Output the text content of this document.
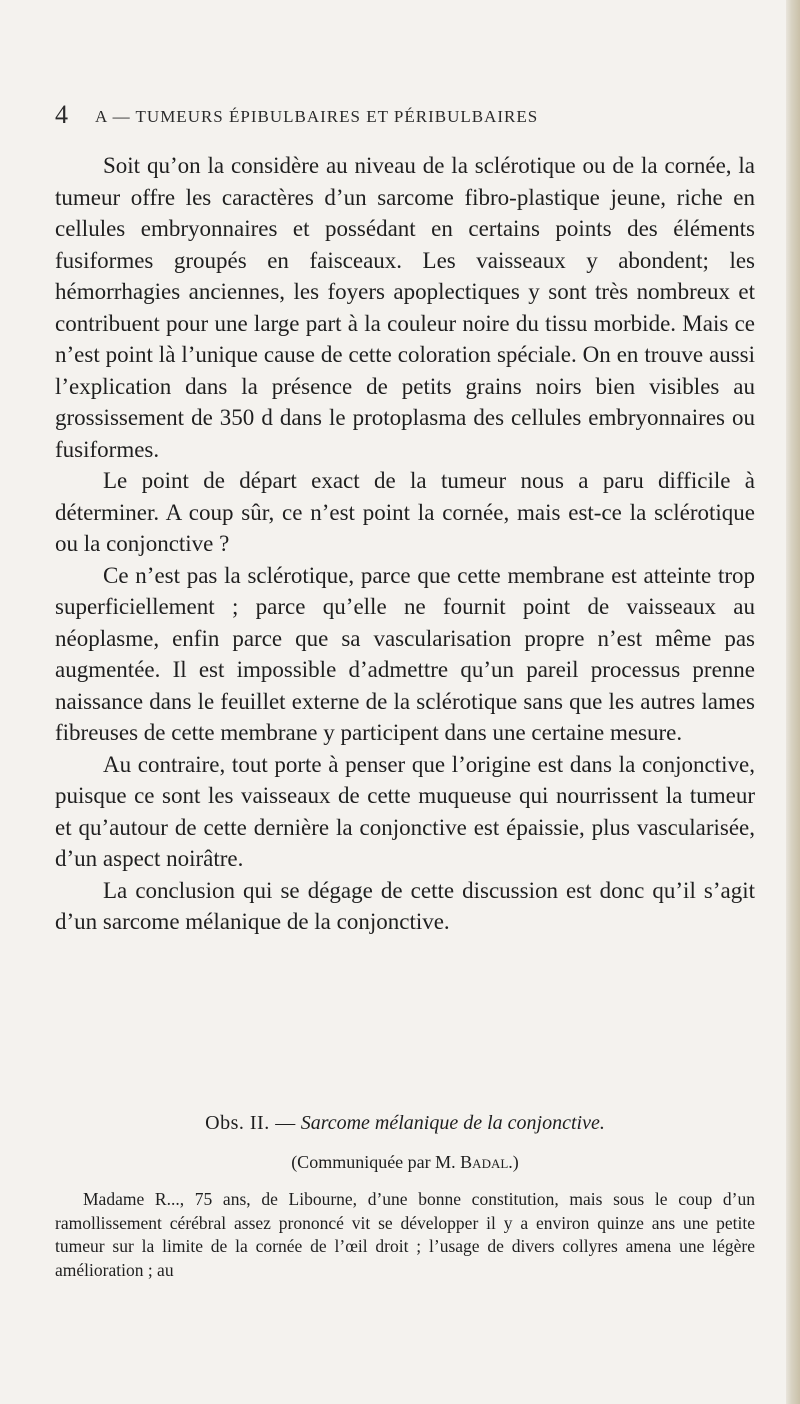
4 A — TUMEURS ÉPIBULBAIRES ET PÉRIBULBAIRES

Soit qu’on la considère au niveau de la sclérotique ou de la cornée, la tumeur offre les caractères d’un sarcome fibro-plastique jeune, riche en cellules embryonnaires et possédant en certains points des éléments fusiformes groupés en faisceaux. Les vaisseaux y abondent; les hémorrhagies anciennes, les foyers apoplectiques y sont très nombreux et contribuent pour une large part à la couleur noire du tissu morbide. Mais ce n’est point là l’unique cause de cette coloration spéciale. On en trouve aussi l’explication dans la présence de petits grains noirs bien visibles au grossissement de 350 d dans le protoplasma des cellules embryonnaires ou fusiformes.

Le point de départ exact de la tumeur nous a paru difficile à déterminer. A coup sûr, ce n’est point la cornée, mais est-ce la sclérotique ou la conjonctive ?

Ce n’est pas la sclérotique, parce que cette membrane est atteinte trop superficiellement ; parce qu’elle ne fournit point de vaisseaux au néoplasme, enfin parce que sa vascularisation propre n’est même pas augmentée. Il est impossible d’admettre qu’un pareil processus prenne naissance dans le feuillet externe de la sclérotique sans que les autres lames fibreuses de cette membrane y participent dans une certaine mesure.

Au contraire, tout porte à penser que l’origine est dans la conjonctive, puisque ce sont les vaisseaux de cette muqueuse qui nourrissent la tumeur et qu’autour de cette dernière la conjonctive est épaissie, plus vascularisée, d’un aspect noirâtre.

La conclusion qui se dégage de cette discussion est donc qu’il s’agit d’un sarcome mélanique de la conjonctive.

Obs. II. — Sarcome mélanique de la conjonctive.

(Communiquée par M. Badal.)

Madame R..., 75 ans, de Libourne, d’une bonne constitution, mais sous le coup d’un ramollissement cérébral assez prononcé vit se développer il y a environ quinze ans une petite tumeur sur la limite de la cornée de l’œil droit ; l’usage de divers collyres amena une légère amélioration ; au
